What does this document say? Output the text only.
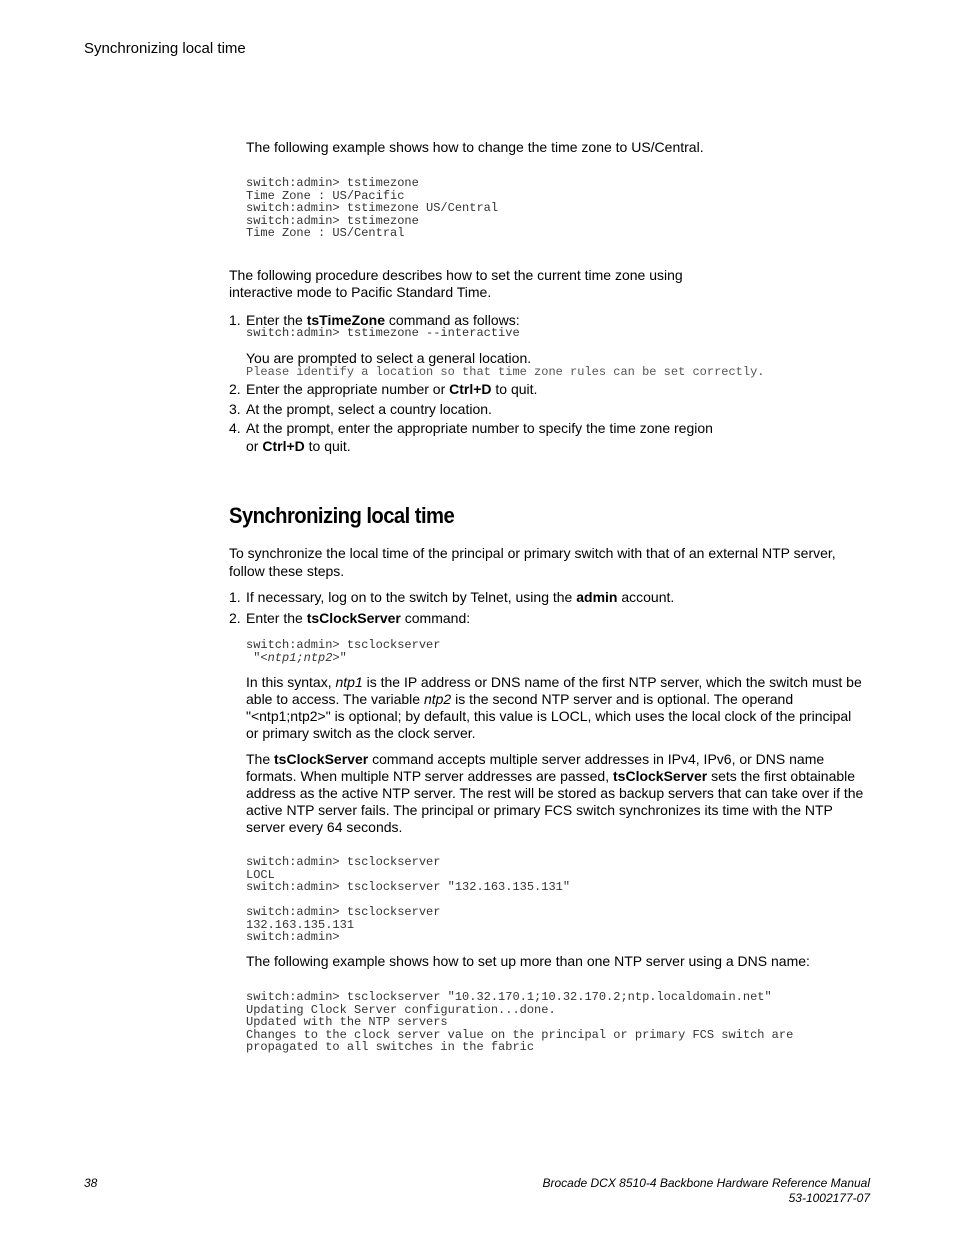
Synchronizing local time

The following example shows how to change the time zone to US/Central.

switch:admin> tstimezone
Time Zone : US/Pacific
switch:admin> tstimezone US/Central
switch:admin> tstimezone
Time Zone : US/Central

The following procedure describes how to set the current time zone using

interactive mode to Pacific Standard Time.

1. Enter the tsTimeZone command as follows:
switch:admin> tstimezone --interactive

You are prompted to select a general location.

Please identify a location so that time zone rules can be set correctly.
2. Enter the appropriate number or Ctrl+D to quit.
3. At the prompt, select a country location.
4. At the prompt, enter the appropriate number to specify the time zone region
or Ctrl+D to quit.
Synchronizing local time

To synchronize the local time of the principal or primary switch with that of an external NTP server,

follow these steps.

1. If necessary, log on to the switch by Telnet, using the admin account.
2. Enter the tsClockServer command:
switch:admin> tsclockserver
"<ntp1;ntp2>"
In this syntax, ntp1 is the IP address or DNS name of the first NTP server, which the switch must be
able to access. The variable ntp2 is the second NTP server and is optional. The operand
"<ntp1;ntp2>" is optional; by default, this value is LOCL, which uses the local clock of the principal
or primary switch as the clock server.
The tsClockServer command accepts multiple server addresses in IPv4, IPv6, or DNS name
formats. When multiple NTP server addresses are passed, tsClockServer sets the first obtainable
address as the active NTP server. The rest will be stored as backup servers that can take over if the
active NTP server fails. The principal or primary FCS switch synchronizes its time with the NTP
server every 64 seconds.
switch:admin> tsclockserver
LOCL
switch:admin> tsclockserver "132.163.135.131"

switch:admin> tsclockserver
132.163.135.131
switch:admin>

The following example shows how to set up more than one NTP server using a DNS name:

switch:admin> tsclockserver "10.32.170.1;10.32.170.2;ntp.localdomain.net"
Updating Clock Server configuration...done.
Updated with the NTP servers
Changes to the clock server value on the principal or primary FCS switch are
propagated to all switches in the fabric
38	Brocade DCX 8510-4 Backbone Hardware Reference Manual
53-1002177-07
